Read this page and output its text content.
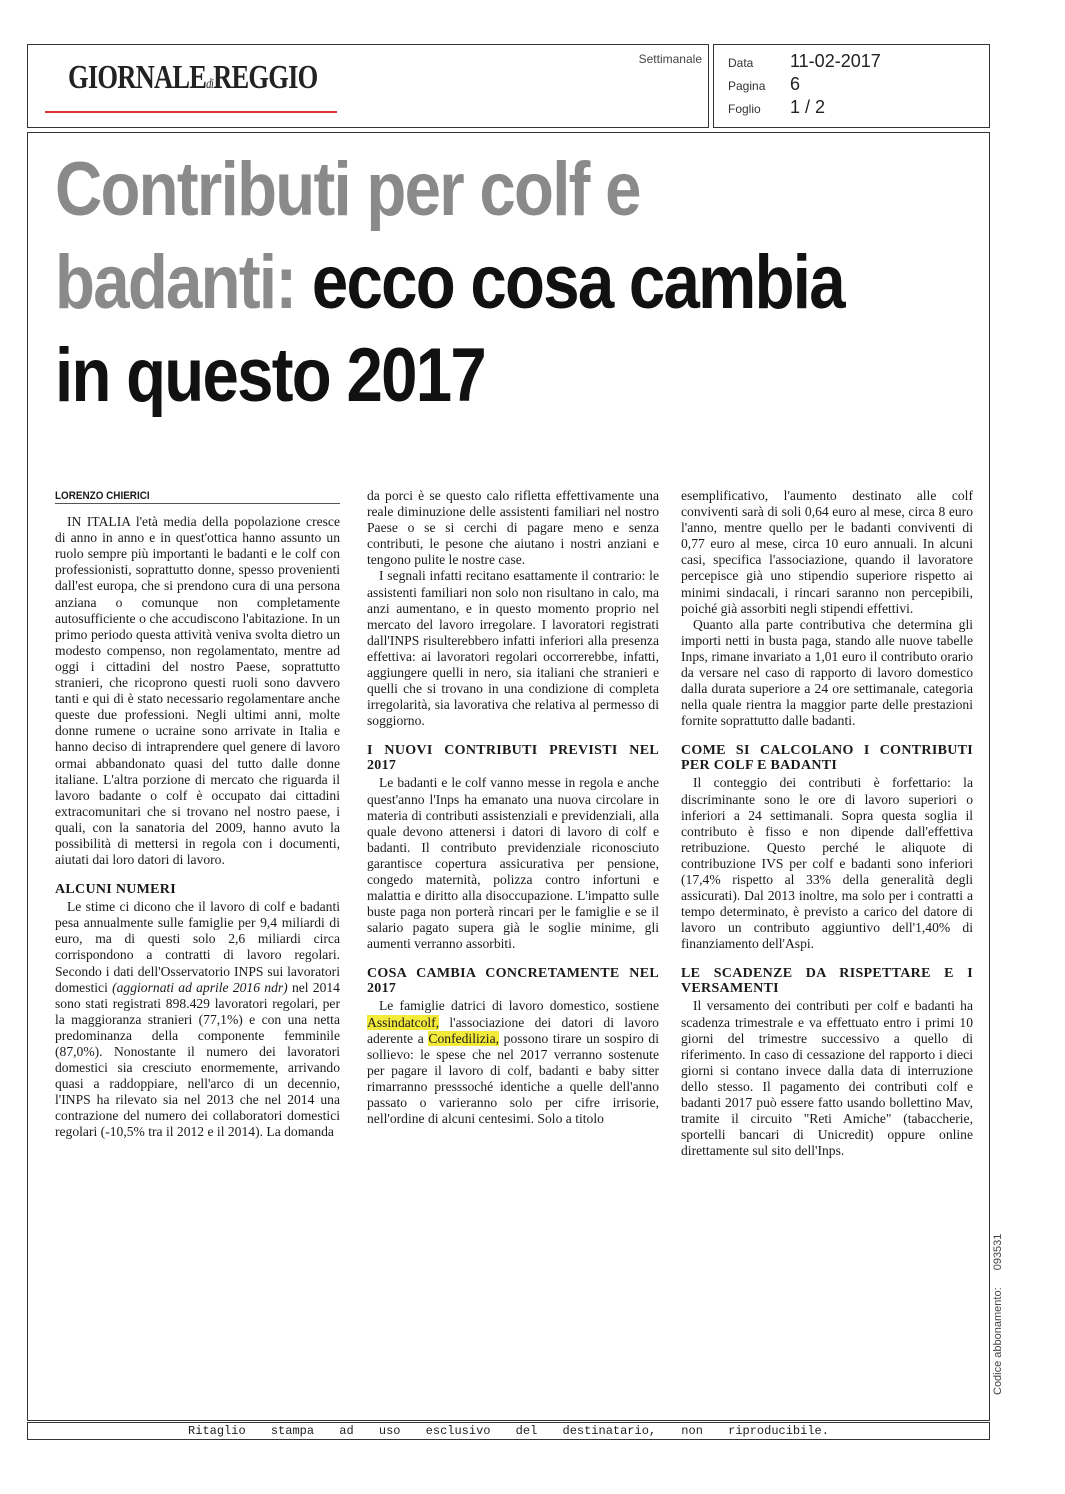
GIORNALEdiREGGIO	Settimanale Data 11-02-2017
Pagina 6
Foglio 1 / 2
Contributi per colf e badanti: ecco cosa cambia in questo 2017
LORENZO CHIERICI

IN ITALIA l'età media della popolazione cresce di anno in anno e in quest'ottica hanno assunto un ruolo sempre più importanti le badanti e le colf con professionisti, soprattutto donne, spesso provenienti dall'est europa, che si prendono cura di una persona anziana o comunque non completamente autosufficiente o che accudiscono l'abitazione. In un primo periodo questa attività veniva svolta dietro un modesto compenso, non regolamentato, mentre ad oggi i cittadini del nostro Paese, soprattutto stranieri, che ricoprono questi ruoli sono davvero tanti e qui di è stato necessario regolamentare anche queste due professioni. Negli ultimi anni, molte donne rumene o ucraine sono arrivate in Italia e hanno deciso di intraprendere quel genere di lavoro ormai abbandonato quasi del tutto dalle donne italiane. L'altra porzione di mercato che riguarda il lavoro badante o colf è occupato dai cittadini extracomunitari che si trovano nel nostro paese, i quali, con la sanatoria del 2009, hanno avuto la possibilità di mettersi in regola con i documenti, aiutati dai loro datori di lavoro.

ALCUNI NUMERI

Le stime ci dicono che il lavoro di colf e badanti pesa annualmente sulle famiglie per 9,4 miliardi di euro, ma di questi solo 2,6 miliardi circa corrispondono a contratti di lavoro regolari. Secondo i dati dell'Osservatorio INPS sui lavoratori domestici (aggiornati ad aprile 2016 ndr) nel 2014 sono stati registrati 898.429 lavoratori regolari, per la maggioranza stranieri (77,1%) e con una netta predominanza della componente femminile (87,0%). Nonostante il numero dei lavoratori domestici sia cresciuto enormemente, arrivando quasi a raddoppiare, nell'arco di un decennio, l'INPS ha rilevato sia nel 2013 che nel 2014 una contrazione del numero dei collaboratori domestici regolari (-10,5% tra il 2012 e il 2014). La domanda

da porci è se questo calo rifletta effettivamente una reale diminuzione delle assistenti familiari nel nostro Paese o se si cerchi di pagare meno e senza contributi, le pesone che aiutano i nostri anziani e tengono pulite le nostre case.

I segnali infatti recitano esattamente il contrario: le assistenti familiari non solo non risultano in calo, ma anzi aumentano, e in questo momento proprio nel mercato del lavoro irregolare. I lavoratori registrati dall'INPS risulterebbero infatti inferiori alla presenza effettiva: ai lavoratori regolari occorrerebbe, infatti, aggiungere quelli in nero, sia italiani che stranieri e quelli che si trovano in una condizione di completa irregolarità, sia lavorativa che relativa al permesso di soggiorno.

I NUOVI CONTRIBUTI PREVISTI NEL 2017

Le badanti e le colf vanno messe in regola e anche quest'anno l'Inps ha emanato una nuova circolare in materia di contributi assistenziali e previdenziali, alla quale devono attenersi i datori di lavoro di colf e badanti. Il contributo previdenziale riconosciuto garantisce copertura assicurativa per pensione, congedo maternità, polizza contro infortuni e malattia e diritto alla disoccupazione. L'impatto sulle buste paga non porterà rincari per le famiglie e se il salario pagato supera già le soglie minime, gli aumenti verranno assorbiti.

COSA CAMBIA CONCRETAMENTE NEL 2017

Le famiglie datrici di lavoro domestico, sostiene Assindatcolf, l'associazione dei datori di lavoro aderente a Confedilizia, possono tirare un sospiro di sollievo: le spese che nel 2017 verranno sostenute per pagare il lavoro di colf, badanti e baby sitter rimarranno presssoché identiche a quelle dell'anno passato o varieranno solo per cifre irrisorie, nell'ordine di alcuni centesimi. Solo a titolo

esemplificativo, l'aumento destinato alle colf conviventi sarà di soli 0,64 euro al mese, circa 8 euro l'anno, mentre quello per le badanti conviventi di 0,77 euro al mese, circa 10 euro annuali. In alcuni casi, specifica l'associazione, quando il lavoratore percepisce già uno stipendio superiore rispetto ai minimi sindacali, i rincari saranno non percepibili, poiché già assorbiti negli stipendi effettivi.

Quanto alla parte contributiva che determina gli importi netti in busta paga, stando alle nuove tabelle Inps, rimane invariato a 1,01 euro il contributo orario da versare nel caso di rapporto di lavoro domestico dalla durata superiore a 24 ore settimanale, categoria nella quale rientra la maggior parte delle prestazioni fornite soprattutto dalle badanti.

COME SI CALCOLANO I CONTRIBUTI PER COLF E BADANTI

Il conteggio dei contributi è forfettario: la discriminante sono le ore di lavoro superiori o inferiori a 24 settimanali. Sopra questa soglia il contributo è fisso e non dipende dall'effettiva retribuzione. Questo perché le aliquote di contribuzione IVS per colf e badanti sono inferiori (17,4% rispetto al 33% della generalità degli assicurati). Dal 2013 inoltre, ma solo per i contratti a tempo determinato, è previsto a carico del datore di lavoro un contributo aggiuntivo dell'1,40% di finanziamento dell'Aspi.

LE SCADENZE DA RISPETTARE E I VERSAMENTI

Il versamento dei contributi per colf e badanti ha scadenza trimestrale e va effettuato entro i primi 10 giorni del trimestre successivo a quello di riferimento. In caso di cessazione del rapporto i dieci giorni si contano invece dalla data di interruzione dello stesso. Il pagamento dei contributi colf e badanti 2017 può essere fatto usando bollettino Mav, tramite il circuito "Reti Amiche" (tabaccherie, sportelli bancari di Unicredit) oppure online direttamente sul sito dell'Inps.

Codice abbonamento: 093531
Ritaglio stampa ad uso esclusivo del destinatario, non riproducibile.
